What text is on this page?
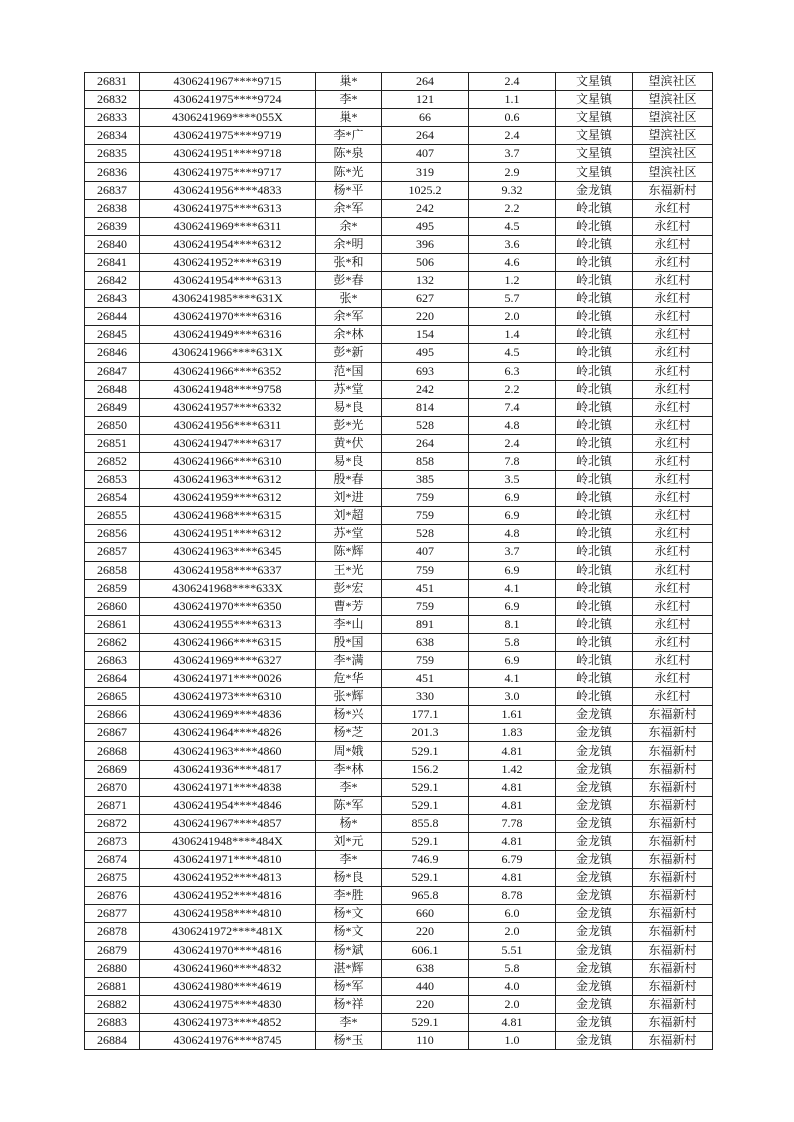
26831	4306241967****9715	巢*	264	2.4	文星镇	望滨社区
26832	4306241975****9724	李*	121	1.1	文星镇	望滨社区
26833	4306241969****055X	巢*	66	0.6	文星镇	望滨社区
26834	4306241975****9719	李*广	264	2.4	文星镇	望滨社区
26835	4306241951****9718	陈*泉	407	3.7	文星镇	望滨社区
26836	4306241975****9717	陈*光	319	2.9	文星镇	望滨社区
26837	4306241956****4833	杨*平	1025.2	9.32	金龙镇	东福新村
26838	4306241975****6313	余*军	242	2.2	岭北镇	永红村
26839	4306241969****6311	余*	495	4.5	岭北镇	永红村
26840	4306241954****6312	余*明	396	3.6	岭北镇	永红村
26841	4306241952****6319	张*和	506	4.6	岭北镇	永红村
26842	4306241954****6313	彭*春	132	1.2	岭北镇	永红村
26843	4306241985****631X	张*	627	5.7	岭北镇	永红村
26844	4306241970****6316	余*军	220	2.0	岭北镇	永红村
26845	4306241949****6316	余*林	154	1.4	岭北镇	永红村
26846	4306241966****631X	彭*新	495	4.5	岭北镇	永红村
26847	4306241966****6352	范*国	693	6.3	岭北镇	永红村
26848	4306241948****9758	苏*堂	242	2.2	岭北镇	永红村
26849	4306241957****6332	易*良	814	7.4	岭北镇	永红村
26850	4306241956****6311	彭*光	528	4.8	岭北镇	永红村
26851	4306241947****6317	黄*伏	264	2.4	岭北镇	永红村
26852	4306241966****6310	易*良	858	7.8	岭北镇	永红村
26853	4306241963****6312	殷*春	385	3.5	岭北镇	永红村
26854	4306241959****6312	刘*进	759	6.9	岭北镇	永红村
26855	4306241968****6315	刘*超	759	6.9	岭北镇	永红村
26856	4306241951****6312	苏*堂	528	4.8	岭北镇	永红村
26857	4306241963****6345	陈*辉	407	3.7	岭北镇	永红村
26858	4306241958****6337	王*光	759	6.9	岭北镇	永红村
26859	4306241968****633X	彭*宏	451	4.1	岭北镇	永红村
26860	4306241970****6350	曹*芳	759	6.9	岭北镇	永红村
26861	4306241955****6313	李*山	891	8.1	岭北镇	永红村
26862	4306241966****6315	殷*国	638	5.8	岭北镇	永红村
26863	4306241969****6327	李*满	759	6.9	岭北镇	永红村
26864	4306241971****0026	危*华	451	4.1	岭北镇	永红村
26865	4306241973****6310	张*辉	330	3.0	岭北镇	永红村
26866	4306241969****4836	杨*兴	177.1	1.61	金龙镇	东福新村
26867	4306241964****4826	杨*芝	201.3	1.83	金龙镇	东福新村
26868	4306241963****4860	周*娥	529.1	4.81	金龙镇	东福新村
26869	4306241936****4817	李*林	156.2	1.42	金龙镇	东福新村
26870	4306241971****4838	李*	529.1	4.81	金龙镇	东福新村
26871	4306241954****4846	陈*军	529.1	4.81	金龙镇	东福新村
26872	4306241967****4857	杨*	855.8	7.78	金龙镇	东福新村
26873	4306241948****484X	刘*元	529.1	4.81	金龙镇	东福新村
26874	4306241971****4810	李*	746.9	6.79	金龙镇	东福新村
26875	4306241952****4813	杨*良	529.1	4.81	金龙镇	东福新村
26876	4306241952****4816	李*胜	965.8	8.78	金龙镇	东福新村
26877	4306241958****4810	杨*文	660	6.0	金龙镇	东福新村
26878	4306241972****481X	杨*文	220	2.0	金龙镇	东福新村
26879	4306241970****4816	杨*斌	606.1	5.51	金龙镇	东福新村
26880	4306241960****4832	湛*辉	638	5.8	金龙镇	东福新村
26881	4306241980****4619	杨*军	440	4.0	金龙镇	东福新村
26882	4306241975****4830	杨*祥	220	2.0	金龙镇	东福新村
26883	4306241973****4852	李*	529.1	4.81	金龙镇	东福新村
26884	4306241976****8745	杨*玉	110	1.0	金龙镇	东福新村
